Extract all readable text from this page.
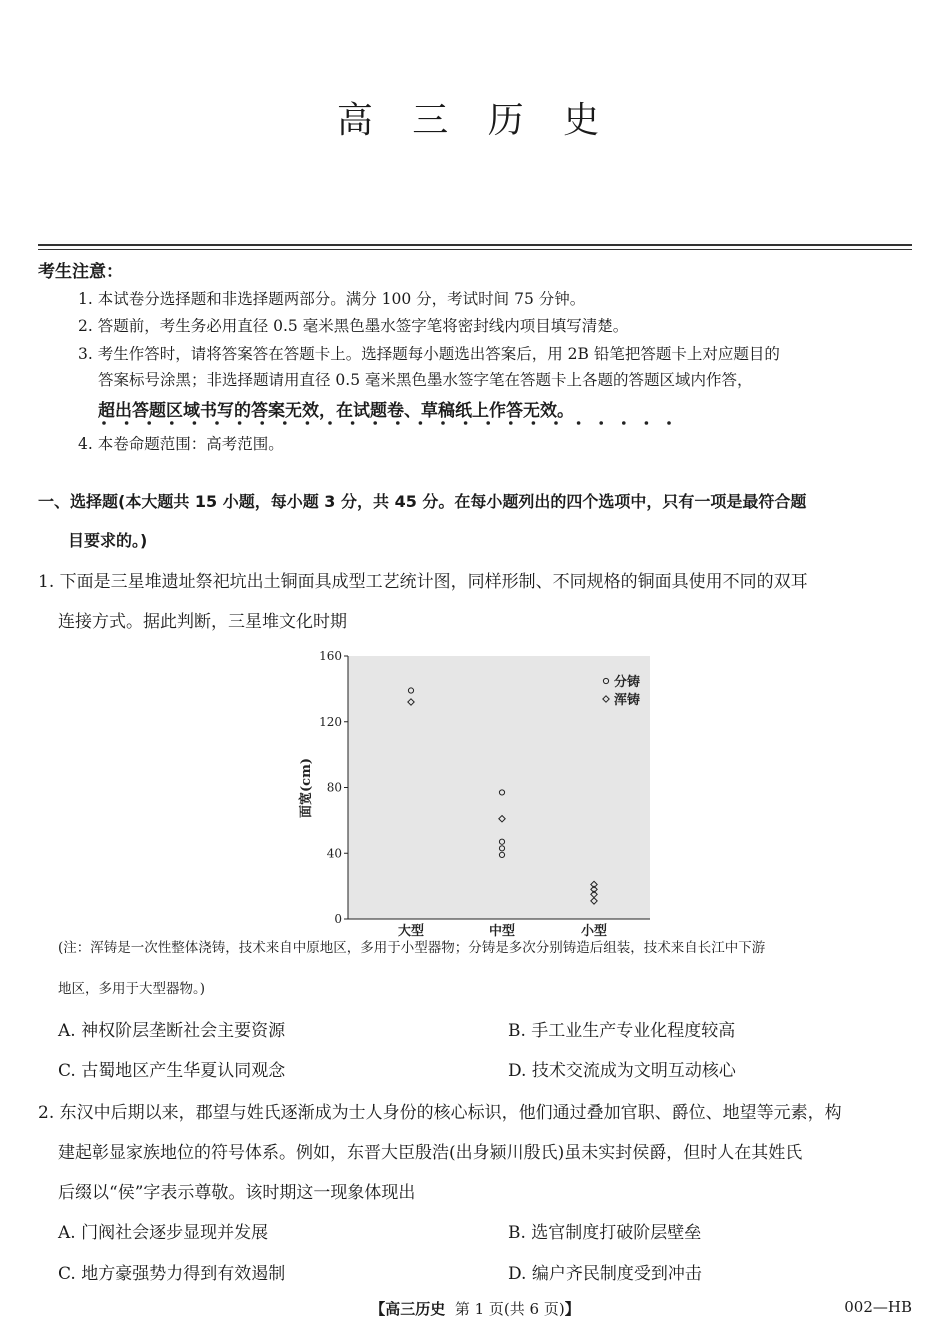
高 三 历 史
考生注意：
1. 本试卷分选择题和非选择题两部分。满分 100 分，考试时间 75 分钟。
2. 答题前，考生务必用直径 0.5 毫米黑色墨水签字笔将密封线内项目填写清楚。
3. 考生作答时，请将答案答在答题卡上。选择题每小题选出答案后，用 2B 铅笔把答题卡上对应题目的
答案标号涂黑；非选择题请用直径 0.5 毫米黑色墨水签字笔在答题卡上各题的答题区域内作答，
超出答题区域书写的答案无效，在试题卷、草稿纸上作答无效。
4. 本卷命题范围：高考范围。
一、选择题(本大题共 15 小题，每小题 3 分，共 45 分。在每小题列出的四个选项中，只有一项是最符合题
目要求的。)
1. 下面是三星堆遗址祭祀坑出土铜面具成型工艺统计图，同样形制、不同规格的铜面具使用不同的双耳
连接方式。据此判断，三星堆文化时期
0
40
80
120
160
大型	中型	小型
分铸
浑铸
面宽(cm)
(注：浑铸是一次性整体浇铸，技术来自中原地区，多用于小型器物；分铸是多次分别铸造后组装，技术来自长江中下游
地区，多用于大型器物。)
A. 神权阶层垄断社会主要资源	B. 手工业生产专业化程度较高
C. 古蜀地区产生华夏认同观念	D. 技术交流成为文明互动核心
2. 东汉中后期以来，郡望与姓氏逐渐成为士人身份的核心标识，他们通过叠加官职、爵位、地望等元素，构
建起彰显家族地位的符号体系。例如，东晋大臣殷浩(出身颍川殷氏)虽未实封侯爵，但时人在其姓氏
后缀以“侯”字表示尊敬。该时期这一现象体现出
A. 门阀社会逐步显现并发展	B. 选官制度打破阶层壁垒
C. 地方豪强势力得到有效遏制	D. 编户齐民制度受到冲击
【高三历史 第 1 页(共 6 页)】	002—HB
